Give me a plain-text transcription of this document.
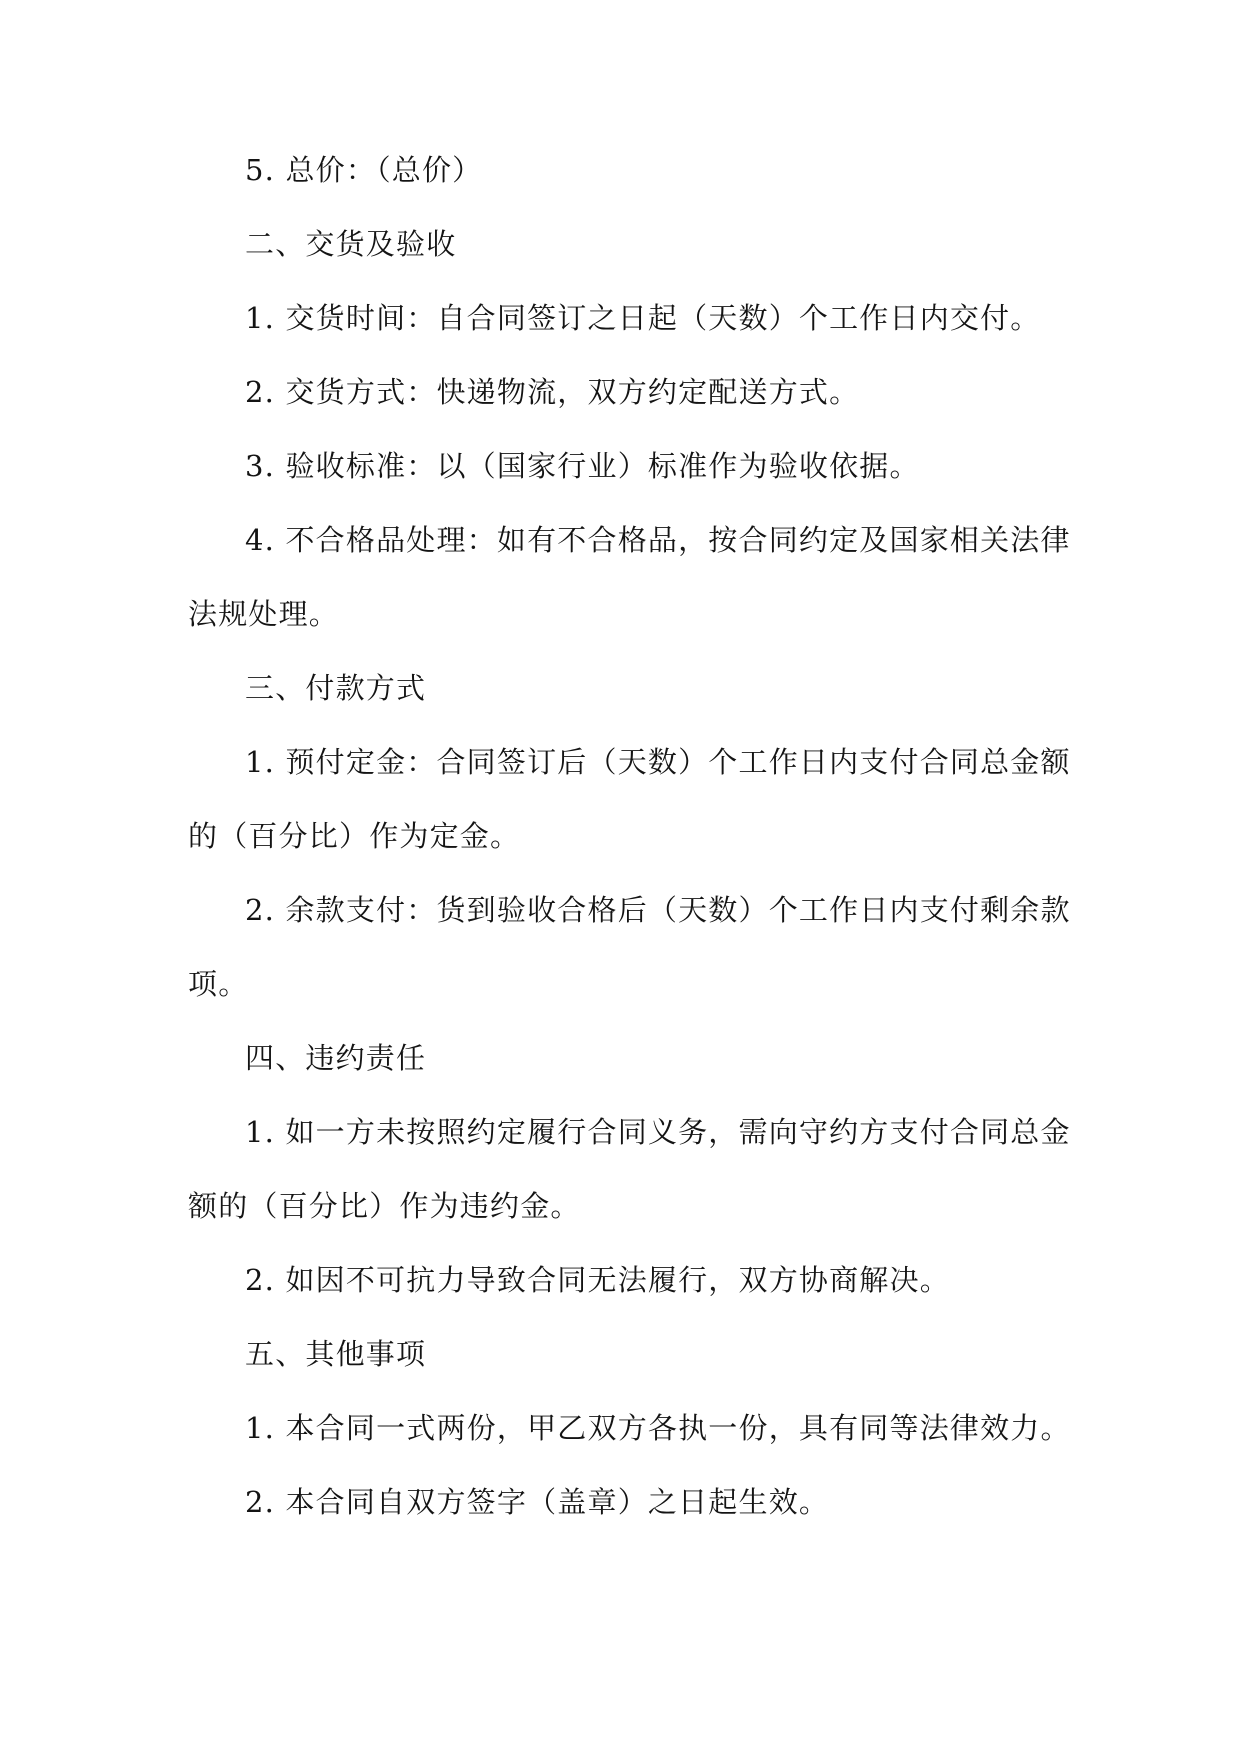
5. 总价：（总价）

二、交货及验收

1. 交货时间：自合同签订之日起（天数）个工作日内交付。

2. 交货方式：快递物流，双方约定配送方式。

3. 验收标准：以（国家行业）标准作为验收依据。

4. 不合格品处理：如有不合格品，按合同约定及国家相关法律

法规处理。

三、付款方式

1. 预付定金：合同签订后（天数）个工作日内支付合同总金额

的（百分比）作为定金。

2. 余款支付：货到验收合格后（天数）个工作日内支付剩余款

项。

四、违约责任

1. 如一方未按照约定履行合同义务，需向守约方支付合同总金

额的（百分比）作为违约金。

2. 如因不可抗力导致合同无法履行，双方协商解决。

五、其他事项

1. 本合同一式两份，甲乙双方各执一份，具有同等法律效力。

2. 本合同自双方签字（盖章）之日起生效。
